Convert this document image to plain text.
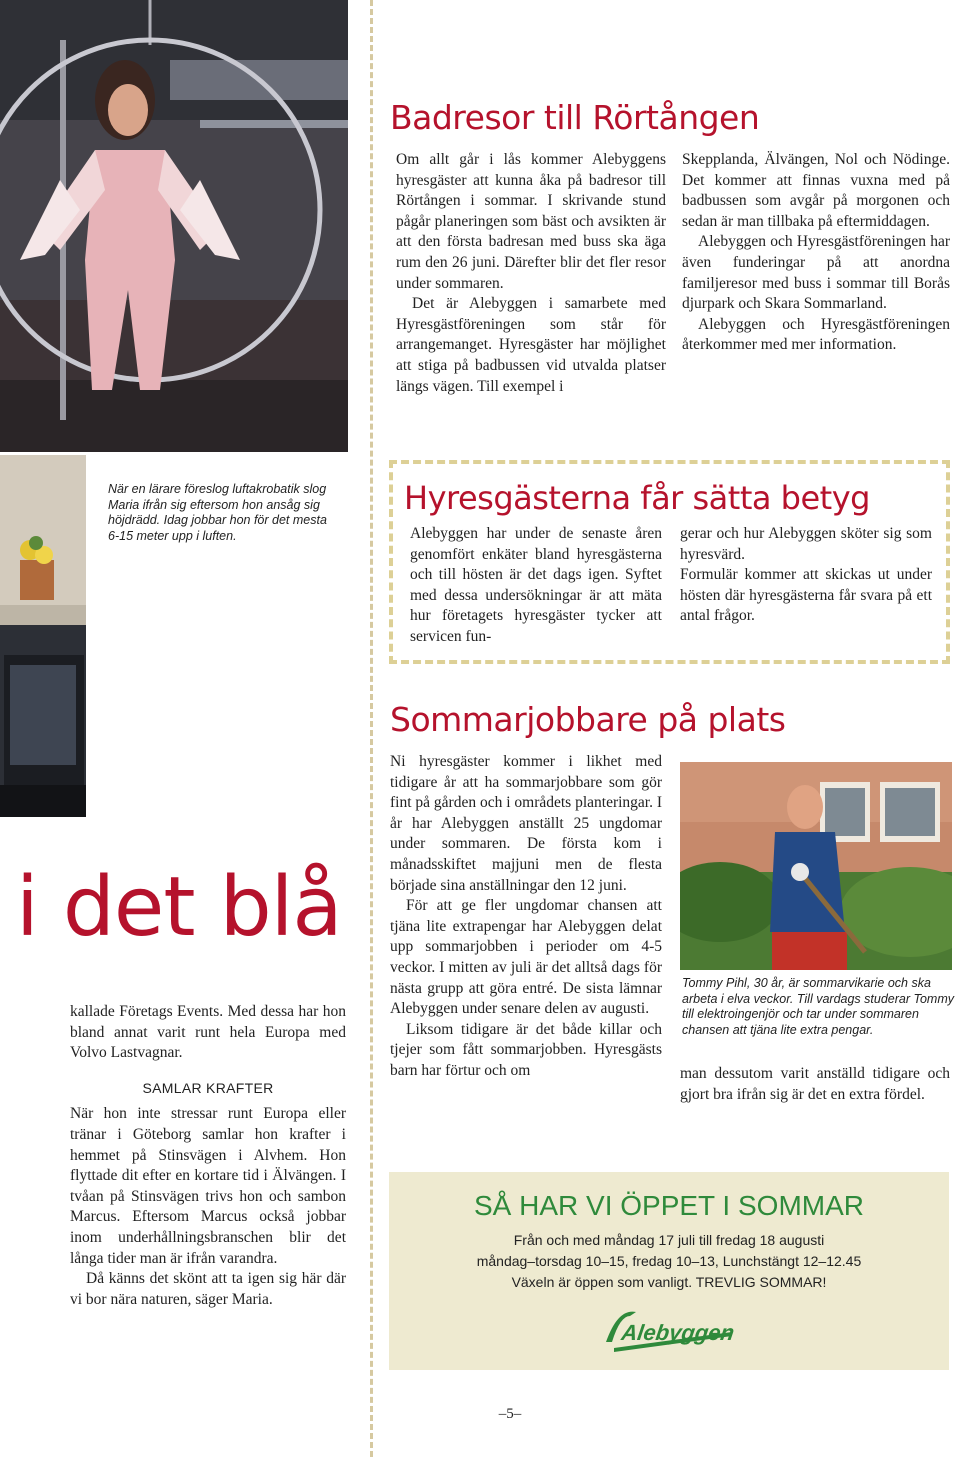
När en lärare föreslog luftakrobatik slog Maria ifrån sig eftersom hon ansåg sig höjdrädd. Idag jobbar hon för det mesta 6-15 meter upp i luften.
Badresor till Rörtången

Om allt går i lås kommer Alebyggens hyresgäster att kunna åka på badresor till Rörtången i sommar. I skrivande stund pågår planeringen som bäst och avsikten är att den första badresan med buss ska äga rum den 26 juni. Därefter blir det fler resor under sommaren.

Det är Alebyggen i samarbete med Hyresgästföreningen som står för arrangemanget. Hyresgäster har möjlighet att stiga på badbussen vid utvalda platser längs vägen. Till exempel i

Skepplanda, Älvängen, Nol och Nödinge. Det kommer att finnas vuxna med på badbussen som avgår på morgonen och sedan är man tillbaka på eftermiddagen.

Alebyggen och Hyresgästföreningen har även funderingar på att anordna familjeresor med buss i sommar till Borås djurpark och Skara Sommarland.

Alebyggen och Hyresgästföreningen återkommer med mer information.

Hyresgästerna får sätta betyg

Alebyggen har under de senaste åren genomfört enkäter bland hyresgästerna och till hösten är det dags igen. Syftet med dessa undersökningar är att mäta hur företagets hyresgäster tycker att servicen fun-

gerar och hur Alebyggen sköter sig som hyresvärd.

Formulär kommer att skickas ut under hösten där hyresgästerna får svara på ett antal frågor.

Sommarjobbare på plats

Ni hyresgäster kommer i likhet med tidigare år att ha sommarjobbare som gör fint på gården och i områdets planteringar. I år har Alebyggen anställt 25 ungdomar under sommaren. De första kom i månadsskiftet majjuni men de flesta började sina anställningar den 12 juni.

För att ge fler ungdomar chansen att tjäna lite extrapengar har Alebyggen delat upp sommarjobben i perioder om 4-5 veckor. I mitten av juli är det alltså dags för nästa grupp att göra entré. De sista lämnar Alebyggen under senare delen av augusti.

Liksom tidigare är det både killar och tjejer som fått sommarjobben. Hyresgästs barn har förtur och om

Tommy Pihl, 30 år, är sommarvikarie och ska arbeta i elva veckor. Till vardags studerar Tommy till elektroingenjör och tar under sommaren chansen att tjäna lite extra pengar.

man dessutom varit anställd tidigare och gjort bra ifrån sig är det en extra fördel.

i det blå

kallade Företags Events. Med dessa har hon bland annat varit runt hela Europa med Volvo Lastvagnar.

SAMLAR KRAFTER

När hon inte stressar runt Europa eller tränar i Göteborg samlar hon krafter i hemmet på Stinsvägen i Alvhem. Hon flyttade dit efter en kortare tid i Älvängen. I tvåan på Stinsvägen trivs hon och sambon Marcus. Eftersom Marcus också jobbar inom underhållningsbranschen blir det långa tider man är ifrån varandra.

Då känns det skönt att ta igen sig här där vi bor nära naturen, säger Maria.

SÅ HAR VI ÖPPET I SOMMAR
Från och med måndag 17 juli till fredag 18 augusti
måndag–torsdag 10–15, fredag 10–13, Lunchstängt 12–12.45
Växeln är öppen som vanligt. TREVLIG SOMMAR!
Alebyggen
–5–
